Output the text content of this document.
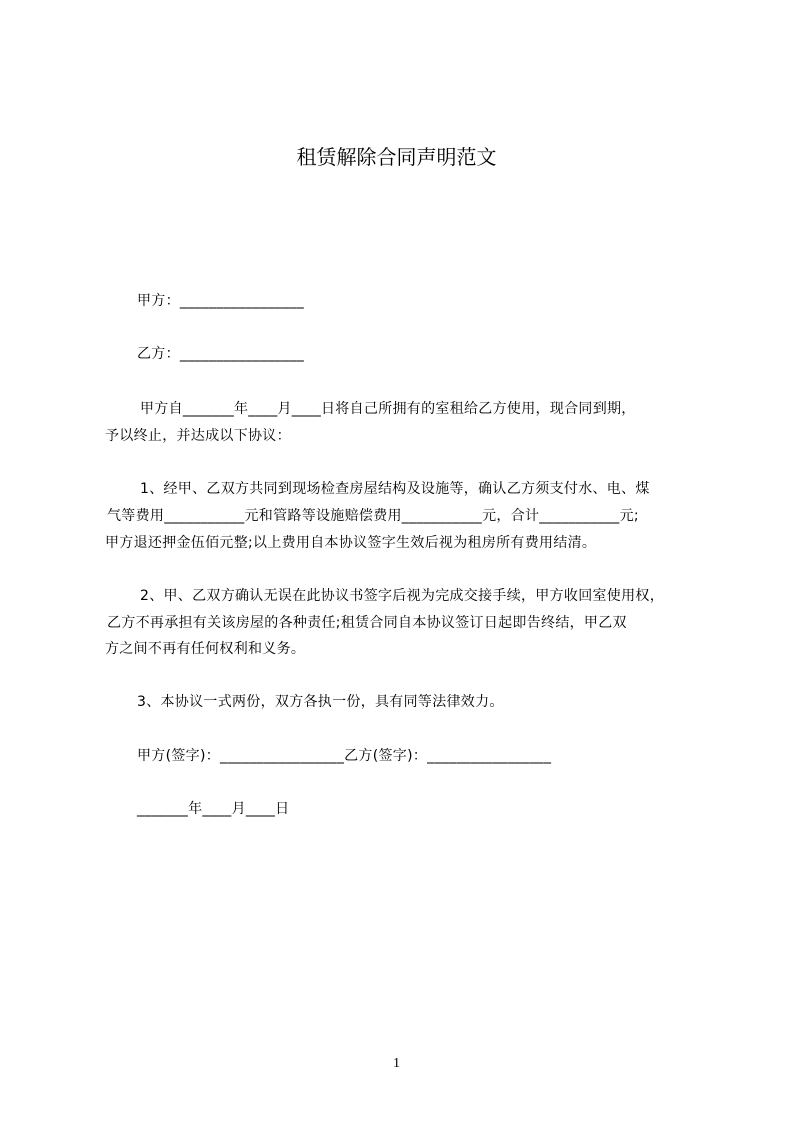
租赁解除合同声明范文
甲方：_________________
乙方：_________________
甲方自_______年____月____日将自己所拥有的室租给乙方使用，现合同到期，
予以终止，并达成以下协议：
1、经甲、乙双方共同到现场检查房屋结构及设施等，确认乙方须支付水、电、煤
气等费用___________元和管路等设施赔偿费用___________元，合计___________元;
甲方退还押金伍佰元整;以上费用自本协议签字生效后视为租房所有费用结清。
2、甲、乙双方确认无误在此协议书签字后视为完成交接手续，甲方收回室使用权，
乙方不再承担有关该房屋的各种责任;租赁合同自本协议签订日起即告终结，甲乙双
方之间不再有任何权利和义务。
3、本协议一式两份，双方各执一份，具有同等法律效力。
甲方(签字)：_________________乙方(签字)：_________________
_______年____月____日
1
